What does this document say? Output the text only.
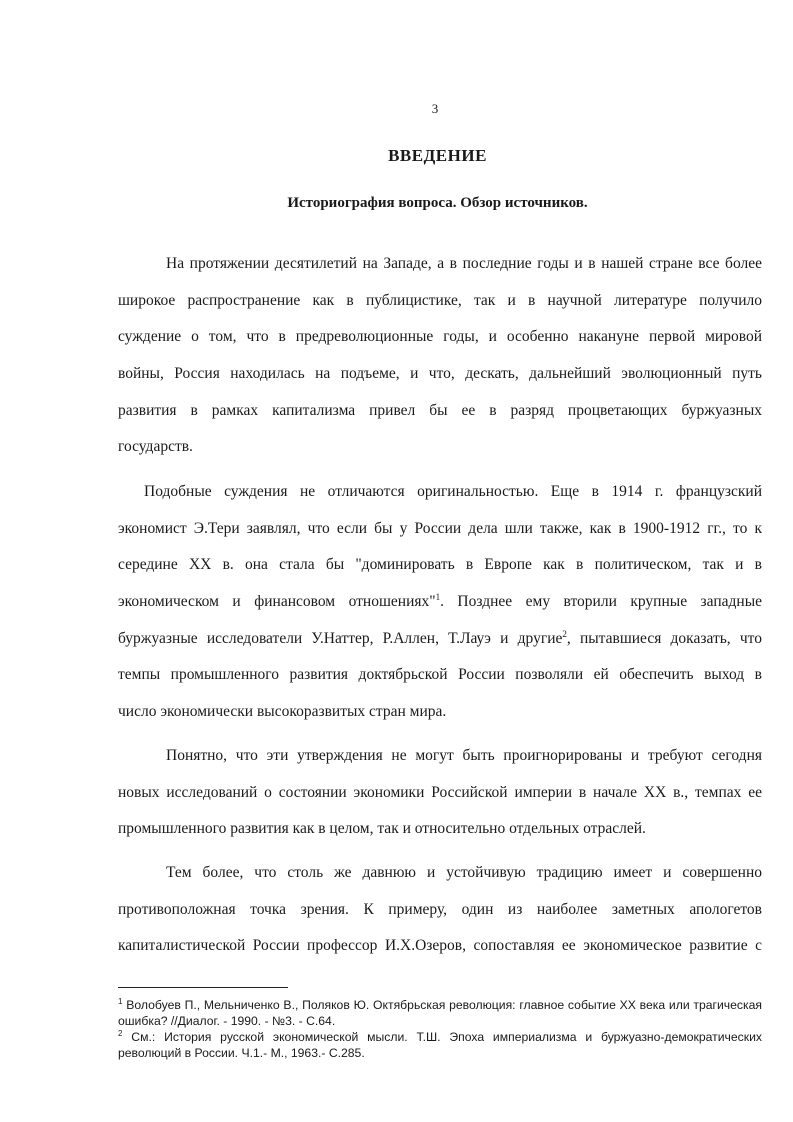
3
ВВЕДЕНИЕ
Историография вопроса. Обзор источников.
На протяжении десятилетий на Западе, а в последние годы и в нашей стране все более
широкое распространение как в публицистике, так и в научной литературе получило
суждение о том, что в предреволюционные годы, и особенно накануне первой мировой
войны, Россия находилась на подъеме, и что, дескать, дальнейший эволюционный путь
развития в рамках капитализма привел бы ее в разряд процветающих буржуазных
государств.
Подобные суждения не отличаются оригинальностью. Еще в 1914 г. французский
экономист Э.Тери заявлял, что если бы у России дела шли также, как в 1900-1912 гг., то к
середине XX в. она стала бы "доминировать в Европе как в политическом, так и в
экономическом и финансовом отношениях"$^1$. Позднее ему вторили крупные западные
буржуазные исследователи У.Наттер, Р.Аллен, Т.Лауэ и другие$^2$, пытавшиеся доказать, что
темпы промышленного развития доктябрьской России позволяли ей обеспечить выход в
число экономически высокоразвитых стран мира.
Понятно, что эти утверждения не могут быть проигнорированы и требуют сегодня
новых исследований о состоянии экономики Российской империи в начале XX в., темпах ее
промышленного развития как в целом, так и относительно отдельных отраслей.
Тем более, что столь же давнюю и устойчивую традицию имеет и совершенно
противоположная точка зрения. К примеру, один из наиболее заметных апологетов
капиталистической России профессор И.Х.Озеров, сопоставляя ее экономическое развитие с
$^1$ Волобуев П., Мельниченко В., Поляков Ю. Октябрьская революция: главное событие XX века или трагическая
ошибка? //Диалог. - 1990. - №3. - С.64.
$^2$ См.: История русской экономической мысли. Т.Ш. Эпоха империализма и буржуазно-демократических
революций в России. Ч.1.- М., 1963.- С.285.
